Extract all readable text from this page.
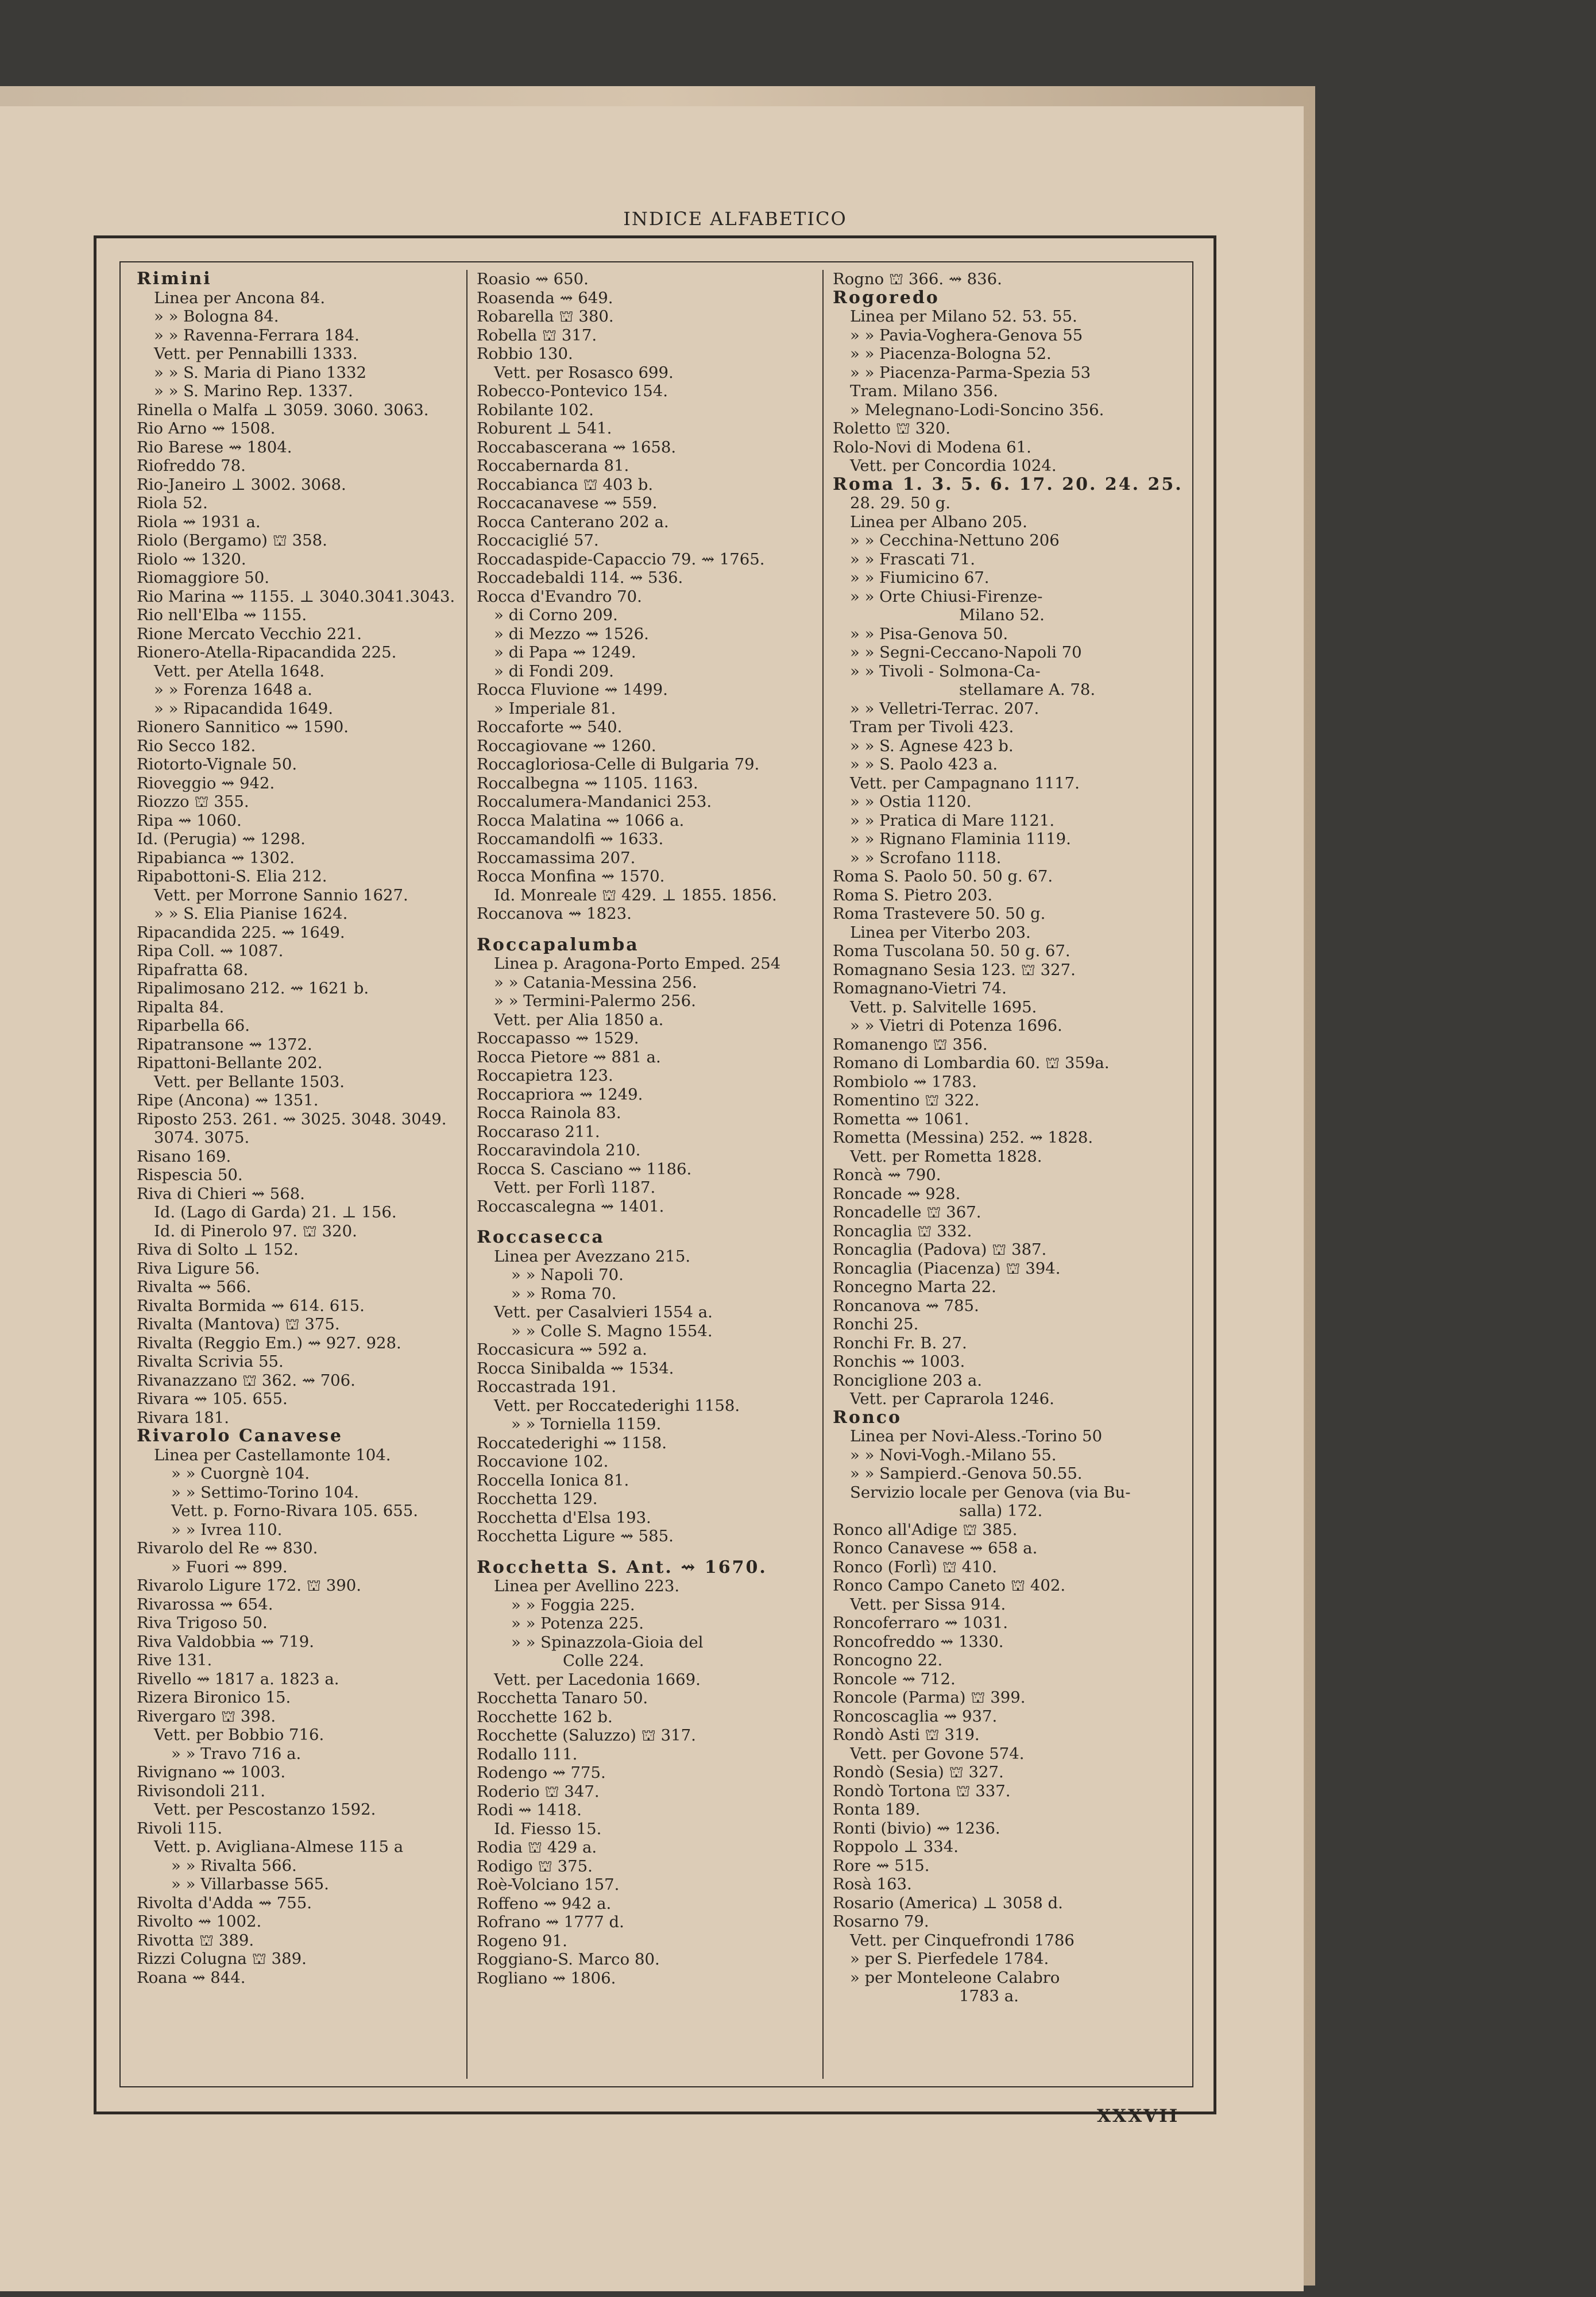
INDICE ALFABETICO
Rimini
Linea per Ancona 84.
» » Bologna 84.
» » Ravenna-Ferrara 184.
Vett. per Pennabilli 1333.
» » S. Maria di Piano 1332
» » S. Marino Rep. 1337.
Rinella o Malfa ⊥ 3059. 3060. 3063.
Rio Arno ⇝ 1508.
Rio Barese ⇝ 1804.
Riofreddo 78.
Rio-Janeiro ⊥ 3002. 3068.
Riola 52.
Riola ⇝ 1931 a.
Riolo (Bergamo) ⛫ 358.
Riolo ⇝ 1320.
Riomaggiore 50.
Rio Marina ⇝ 1155. ⊥ 3040.3041.3043.
Rio nell'Elba ⇝ 1155.
Rione Mercato Vecchio 221.
Rionero-Atella-Ripacandida 225.
Vett. per Atella 1648.
» » Forenza 1648 a.
» » Ripacandida 1649.
Rionero Sannitico ⇝ 1590.
Rio Secco 182.
Riotorto-Vignale 50.
Rioveggio ⇝ 942.
Riozzo ⛫ 355.
Ripa ⇝ 1060.
Id. (Perugia) ⇝ 1298.
Ripabianca ⇝ 1302.
Ripabottoni-S. Elia 212.
Vett. per Morrone Sannio 1627.
» » S. Elia Pianise 1624.
Ripacandida 225. ⇝ 1649.
Ripa Coll. ⇝ 1087.
Ripafratta 68.
Ripalimosano 212. ⇝ 1621 b.
Ripalta 84.
Riparbella 66.
Ripatransone ⇝ 1372.
Ripattoni-Bellante 202.
Vett. per Bellante 1503.
Ripe (Ancona) ⇝ 1351.
Riposto 253. 261. ⇝ 3025. 3048. 3049.
3074. 3075.
Risano 169.
Rispescia 50.
Riva di Chieri ⇝ 568.
Id. (Lago di Garda) 21. ⊥ 156.
Id. di Pinerolo 97. ⛫ 320.
Riva di Solto ⊥ 152.
Riva Ligure 56.
Rivalta ⇝ 566.
Rivalta Bormida ⇝ 614. 615.
Rivalta (Mantova) ⛫ 375.
Rivalta (Reggio Em.) ⇝ 927. 928.
Rivalta Scrivia 55.
Rivanazzano ⛫ 362. ⇝ 706.
Rivara ⇝ 105. 655.
Rivara 181.
Rivarolo Canavese
Linea per Castellamonte 104.
» » Cuorgnè 104.
» » Settimo-Torino 104.
Vett. p. Forno-Rivara 105. 655.
» » Ivrea 110.
Rivarolo del Re ⇝ 830.
» Fuori ⇝ 899.
Rivarolo Ligure 172. ⛫ 390.
Rivarossa ⇝ 654.
Riva Trigoso 50.
Riva Valdobbia ⇝ 719.
Rive 131.
Rivello ⇝ 1817 a. 1823 a.
Rizera Bironico 15.
Rivergaro ⛫ 398.
Vett. per Bobbio 716.
» » Travo 716 a.
Rivignano ⇝ 1003.
Rivisondoli 211.
Vett. per Pescostanzo 1592.
Rivoli 115.
Vett. p. Avigliana-Almese 115 a
» » Rivalta 566.
» » Villarbasse 565.
Rivolta d'Adda ⇝ 755.
Rivolto ⇝ 1002.
Rivotta ⛫ 389.
Rizzi Colugna ⛫ 389.
Roana ⇝ 844.
Roasio ⇝ 650.
Roasenda ⇝ 649.
Robarella ⛫ 380.
Robella ⛫ 317.
Robbio 130.
Vett. per Rosasco 699.
Robecco-Pontevico 154.
Robilante 102.
Roburent ⊥ 541.
Roccabascerana ⇝ 1658.
Roccabernarda 81.
Roccabianca ⛫ 403 b.
Roccacanavese ⇝ 559.
Rocca Canterano 202 a.
Roccaciglié 57.
Roccadaspide-Capaccio 79. ⇝ 1765.
Roccadebaldi 114. ⇝ 536.
Rocca d'Evandro 70.
» di Corno 209.
» di Mezzo ⇝ 1526.
» di Papa ⇝ 1249.
» di Fondi 209.
Rocca Fluvione ⇝ 1499.
» Imperiale 81.
Roccaforte ⇝ 540.
Roccagiovane ⇝ 1260.
Roccagloriosa-Celle di Bulgaria 79.
Roccalbegna ⇝ 1105. 1163.
Roccalumera-Mandanici 253.
Rocca Malatina ⇝ 1066 a.
Roccamandolfi ⇝ 1633.
Roccamassima 207.
Rocca Monfina ⇝ 1570.
Id. Monreale ⛫ 429. ⊥ 1855. 1856.
Roccanova ⇝ 1823.
Roccapalumba
Linea p. Aragona-Porto Emped. 254
» » Catania-Messina 256.
» » Termini-Palermo 256.
Vett. per Alia 1850 a.
Roccapasso ⇝ 1529.
Rocca Pietore ⇝ 881 a.
Roccapietra 123.
Roccapriora ⇝ 1249.
Rocca Rainola 83.
Roccaraso 211.
Roccaravindola 210.
Rocca S. Casciano ⇝ 1186.
Vett. per Forlì 1187.
Roccascalegna ⇝ 1401.
Roccasecca
Linea per Avezzano 215.
» » Napoli 70.
» » Roma 70.
Vett. per Casalvieri 1554 a.
» » Colle S. Magno 1554.
Roccasicura ⇝ 592 a.
Rocca Sinibalda ⇝ 1534.
Roccastrada 191.
Vett. per Roccatederighi 1158.
» » Torniella 1159.
Roccatederighi ⇝ 1158.
Roccavione 102.
Roccella Ionica 81.
Rocchetta 129.
Rocchetta d'Elsa 193.
Rocchetta Ligure ⇝ 585.
Rocchetta S. Ant. ⇝ 1670.
Linea per Avellino 223.
» » Foggia 225.
» » Potenza 225.
» » Spinazzola-Gioia del
Colle 224.
Vett. per Lacedonia 1669.
Rocchetta Tanaro 50.
Rocchette 162 b.
Rocchette (Saluzzo) ⛫ 317.
Rodallo 111.
Rodengo ⇝ 775.
Roderio ⛫ 347.
Rodi ⇝ 1418.
Id. Fiesso 15.
Rodia ⛫ 429 a.
Rodigo ⛫ 375.
Roè-Volciano 157.
Roffeno ⇝ 942 a.
Rofrano ⇝ 1777 d.
Rogeno 91.
Roggiano-S. Marco 80.
Rogliano ⇝ 1806.
Rogno ⛫ 366. ⇝ 836.
Rogoredo
Linea per Milano 52. 53. 55.
» » Pavia-Voghera-Genova 55
» » Piacenza-Bologna 52.
» » Piacenza-Parma-Spezia 53
Tram. Milano 356.
» Melegnano-Lodi-Soncino 356.
Roletto ⛫ 320.
Rolo-Novi di Modena 61.
Vett. per Concordia 1024.
Roma 1. 3. 5. 6. 17. 20. 24. 25.
28. 29. 50 g.
Linea per Albano 205.
» » Cecchina-Nettuno 206
» » Frascati 71.
» » Fiumicino 67.
» » Orte Chiusi-Firenze-
Milano 52.
» » Pisa-Genova 50.
» » Segni-Ceccano-Napoli 70
» » Tivoli - Solmona-Ca-
stellamare A. 78.
» » Velletri-Terrac. 207.
Tram per Tivoli 423.
» » S. Agnese 423 b.
» » S. Paolo 423 a.
Vett. per Campagnano 1117.
» » Ostia 1120.
» » Pratica di Mare 1121.
» » Rignano Flaminia 1119.
» » Scrofano 1118.
Roma S. Paolo 50. 50 g. 67.
Roma S. Pietro 203.
Roma Trastevere 50. 50 g.
Linea per Viterbo 203.
Roma Tuscolana 50. 50 g. 67.
Romagnano Sesia 123. ⛫ 327.
Romagnano-Vietri 74.
Vett. p. Salvitelle 1695.
» » Vietri di Potenza 1696.
Romanengo ⛫ 356.
Romano di Lombardia 60. ⛫ 359a.
Rombiolo ⇝ 1783.
Romentino ⛫ 322.
Rometta ⇝ 1061.
Rometta (Messina) 252. ⇝ 1828.
Vett. per Rometta 1828.
Roncà ⇝ 790.
Roncade ⇝ 928.
Roncadelle ⛫ 367.
Roncaglia ⛫ 332.
Roncaglia (Padova) ⛫ 387.
Roncaglia (Piacenza) ⛫ 394.
Roncegno Marta 22.
Roncanova ⇝ 785.
Ronchi 25.
Ronchi Fr. B. 27.
Ronchis ⇝ 1003.
Ronciglione 203 a.
Vett. per Caprarola 1246.
Ronco
Linea per Novi-Aless.-Torino 50
» » Novi-Vogh.-Milano 55.
» » Sampierd.-Genova 50.55.
Servizio locale per Genova (via Bu-
salla) 172.
Ronco all'Adige ⛫ 385.
Ronco Canavese ⇝ 658 a.
Ronco (Forlì) ⛫ 410.
Ronco Campo Caneto ⛫ 402.
Vett. per Sissa 914.
Roncoferraro ⇝ 1031.
Roncofreddo ⇝ 1330.
Roncogno 22.
Roncole ⇝ 712.
Roncole (Parma) ⛫ 399.
Roncoscaglia ⇝ 937.
Rondò Asti ⛫ 319.
Vett. per Govone 574.
Rondò (Sesia) ⛫ 327.
Rondò Tortona ⛫ 337.
Ronta 189.
Ronti (bivio) ⇝ 1236.
Roppolo ⊥ 334.
Rore ⇝ 515.
Rosà 163.
Rosario (America) ⊥ 3058 d.
Rosarno 79.
Vett. per Cinquefrondi 1786
» per S. Pierfedele 1784.
» per Monteleone Calabro
1783 a.
XXXVII
